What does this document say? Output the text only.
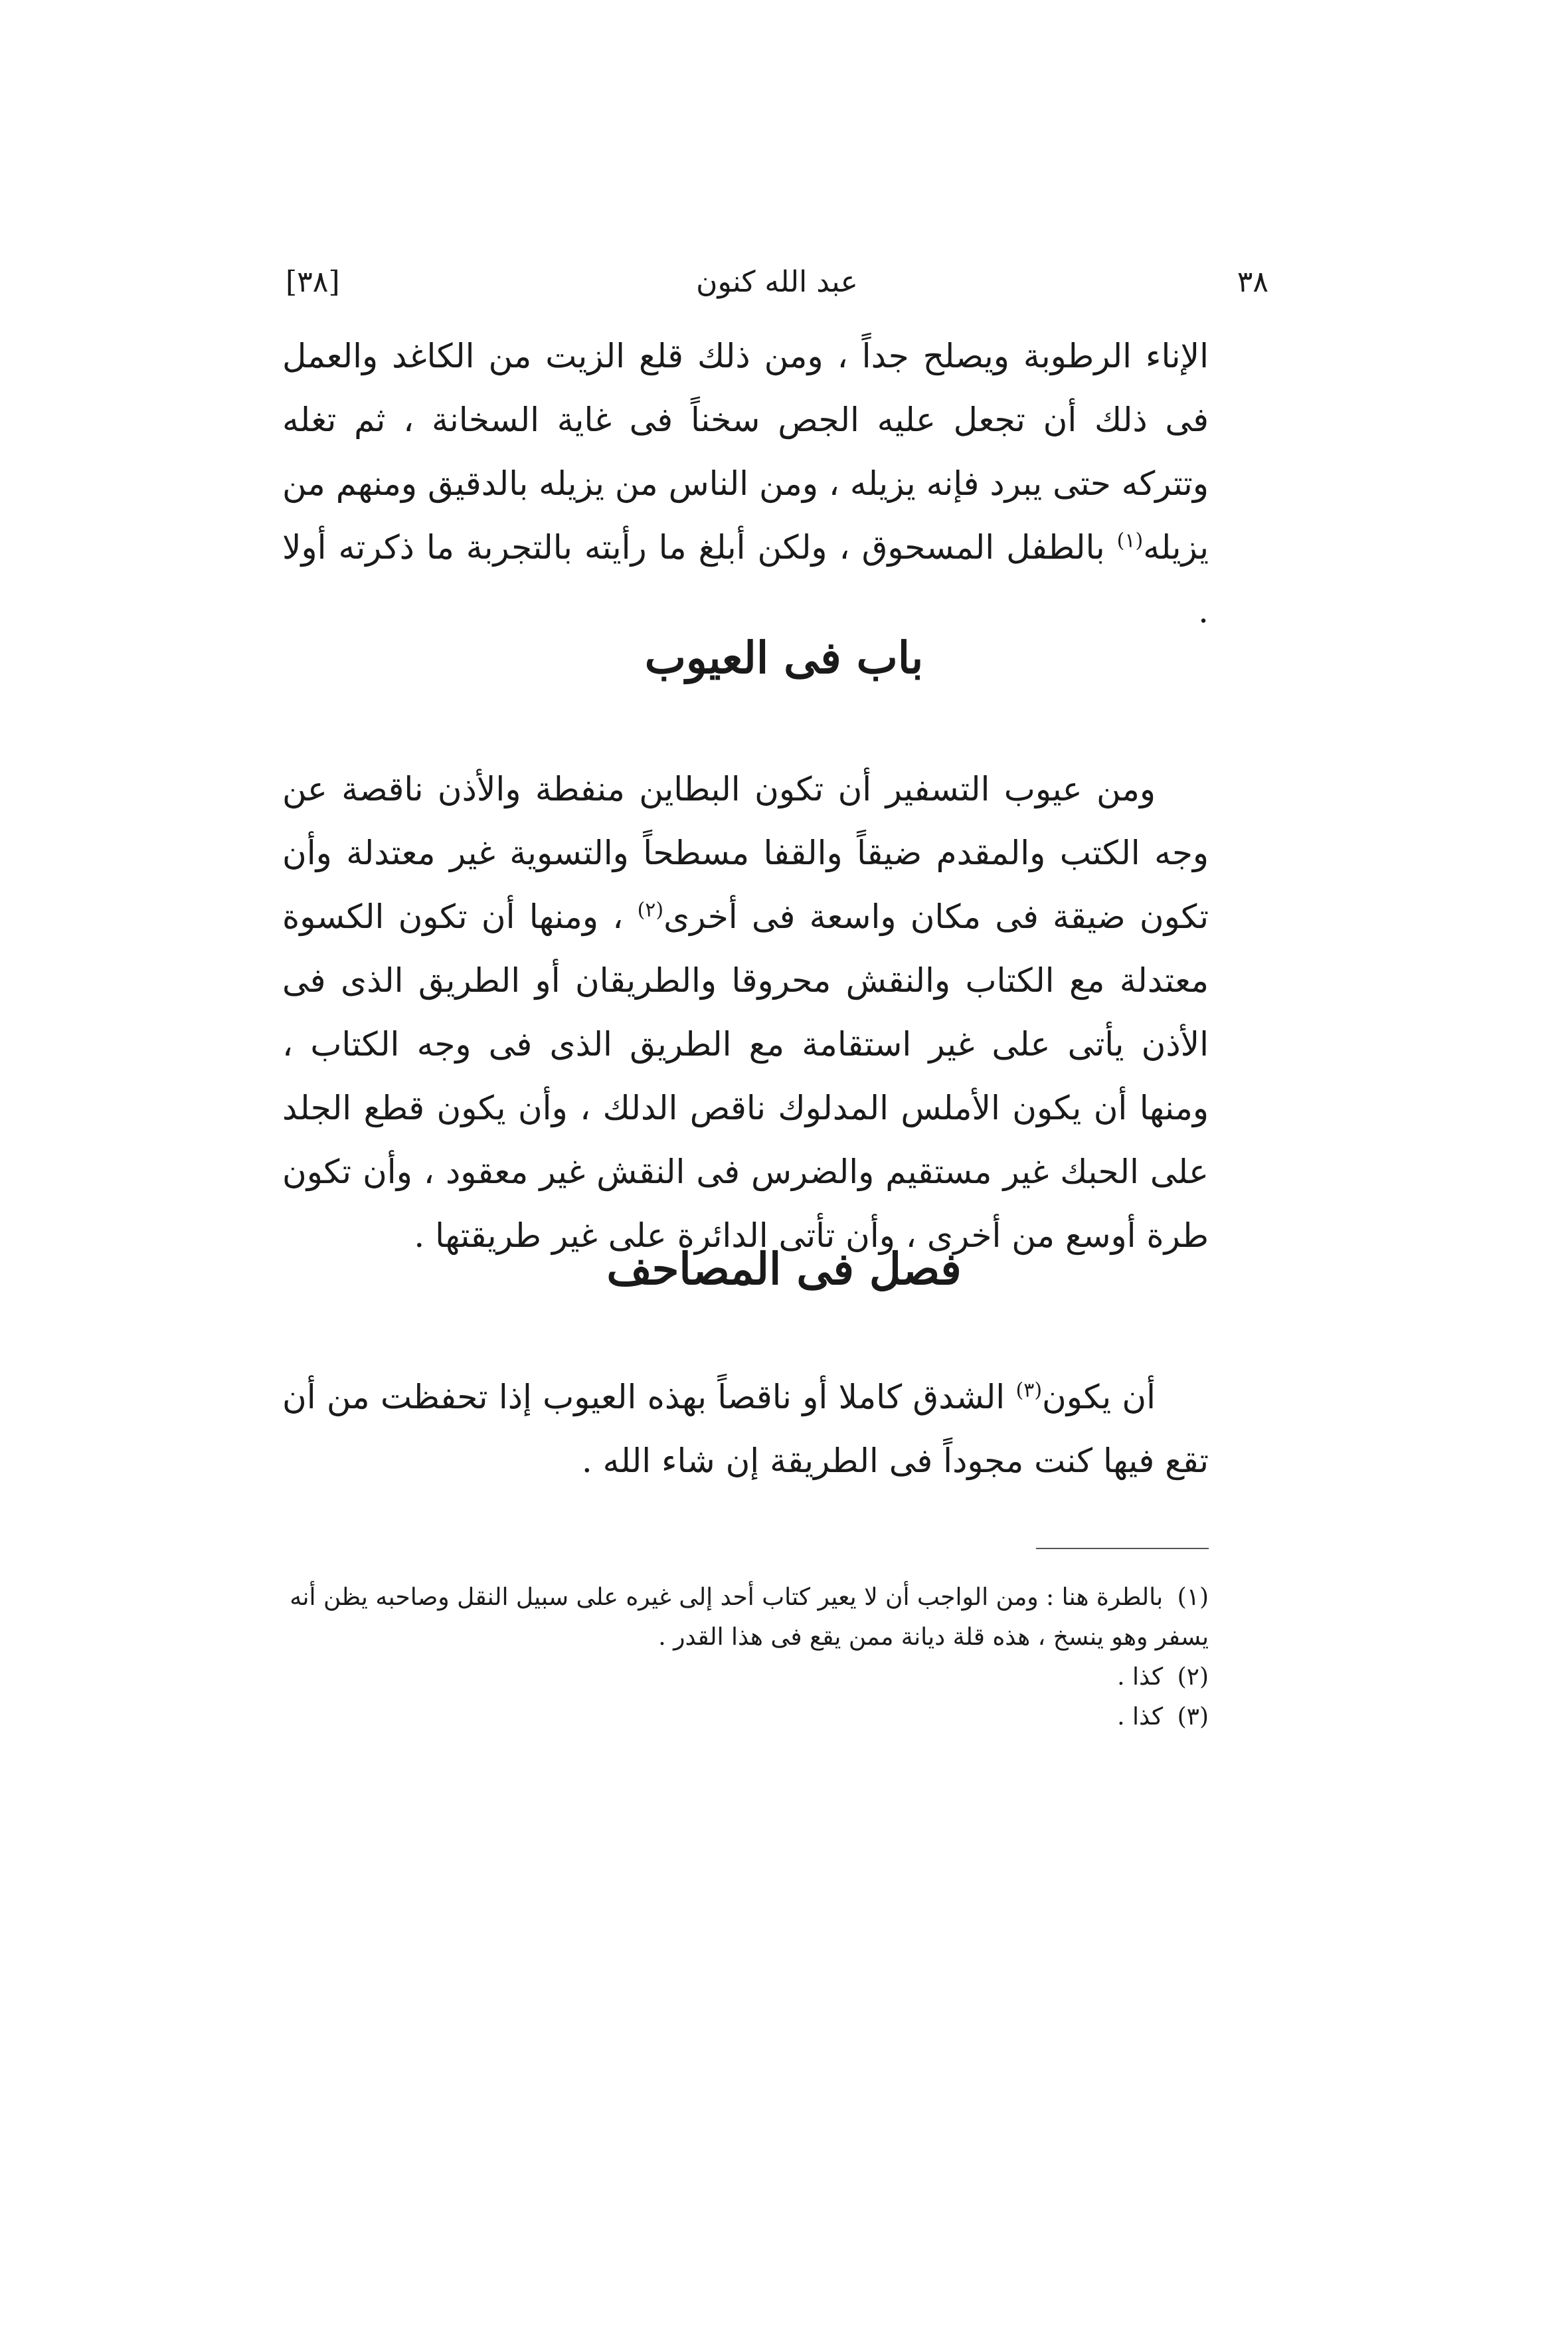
[٣٨]	عبد الله كنون	٣٨

الإناء الرطوبة ويصلح جداً ، ومن ذلك قلع الزيت من الكاغد والعمل فى ذلك أن تجعل عليه الجص سخناً فى غاية السخانة ، ثم تغله وتتركه حتى يبرد فإنه يزيله ، ومن الناس من يزيله بالدقيق ومنهم من يزيله$^{(١)}$ بالطفل المسحوق ، ولكن أبلغ ما رأيته بالتجربة ما ذكرته أولا .

باب فى العيوب

ومن عيوب التسفير أن تكون البطاين منفطة والأذن ناقصة عن وجه الكتب والمقدم ضيقاً والقفا مسطحاً والتسوية غير معتدلة وأن تكون ضيقة فى مكان واسعة فى أخرى$^{(٢)}$ ، ومنها أن تكون الكسوة معتدلة مع الكتاب والنقش محروقا والطريقان أو الطريق الذى فى الأذن يأتى على غير استقامة مع الطريق الذى فى وجه الكتاب ، ومنها أن يكون الأملس المدلوك ناقص الدلك ، وأن يكون قطع الجلد على الحبك غير مستقيم والضرس فى النقش غير معقود ، وأن تكون طرة أوسع من أخرى ، وأن تأتى الدائرة على غير طريقتها .

فصل فى المصاحف

أن يكون$^{(٣)}$ الشدق كاملا أو ناقصاً بهذه العيوب إذا تحفظت من أن تقع فيها كنت مجوداً فى الطريقة إن شاء الله .

(١) بالطرة هنا : ومن الواجب أن لا يعير كتاب أحد إلى غيره على سبيل النقل وصاحبه يظن أنه يسفر وهو ينسخ ، هذه قلة ديانة ممن يقع فى هذا القدر .

(٢) كذا .

(٣) كذا .
